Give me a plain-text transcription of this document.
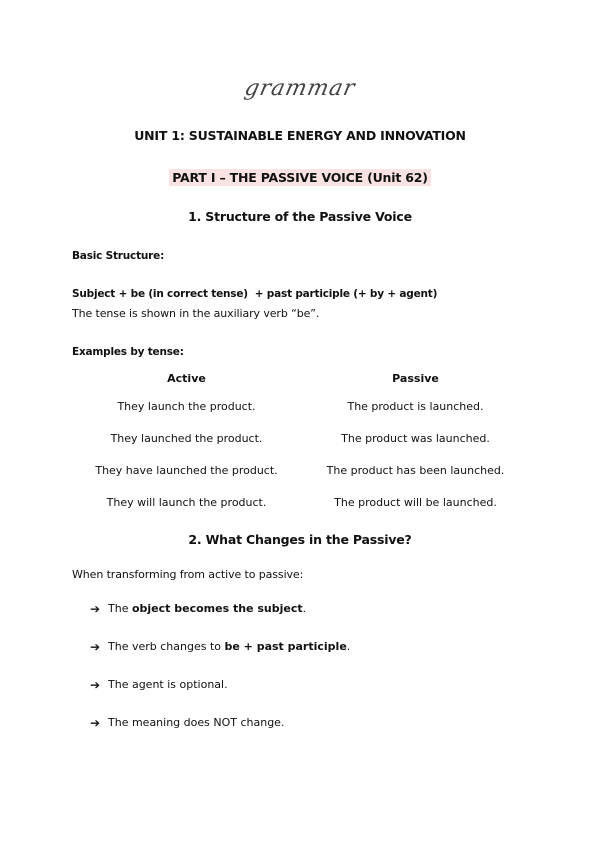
grammar
UNIT 1: SUSTAINABLE ENERGY AND INNOVATION
PART I – THE PASSIVE VOICE (Unit 62)
1. Structure of the Passive Voice
Basic Structure:
Subject + be (in correct tense)  + past participle (+ by + agent)
The tense is shown in the auxiliary verb “be”.
Examples by tense:
Active	Passive
They launch the product.	The product is launched.
They launched the product.	The product was launched.
They have launched the product.	The product has been launched.
They will launch the product.	The product will be launched.
2. What Changes in the Passive?
When transforming from active to passive:
➔ The object becomes the subject.
➔ The verb changes to be + past participle.
➔ The agent is optional.
➔ The meaning does NOT change.
